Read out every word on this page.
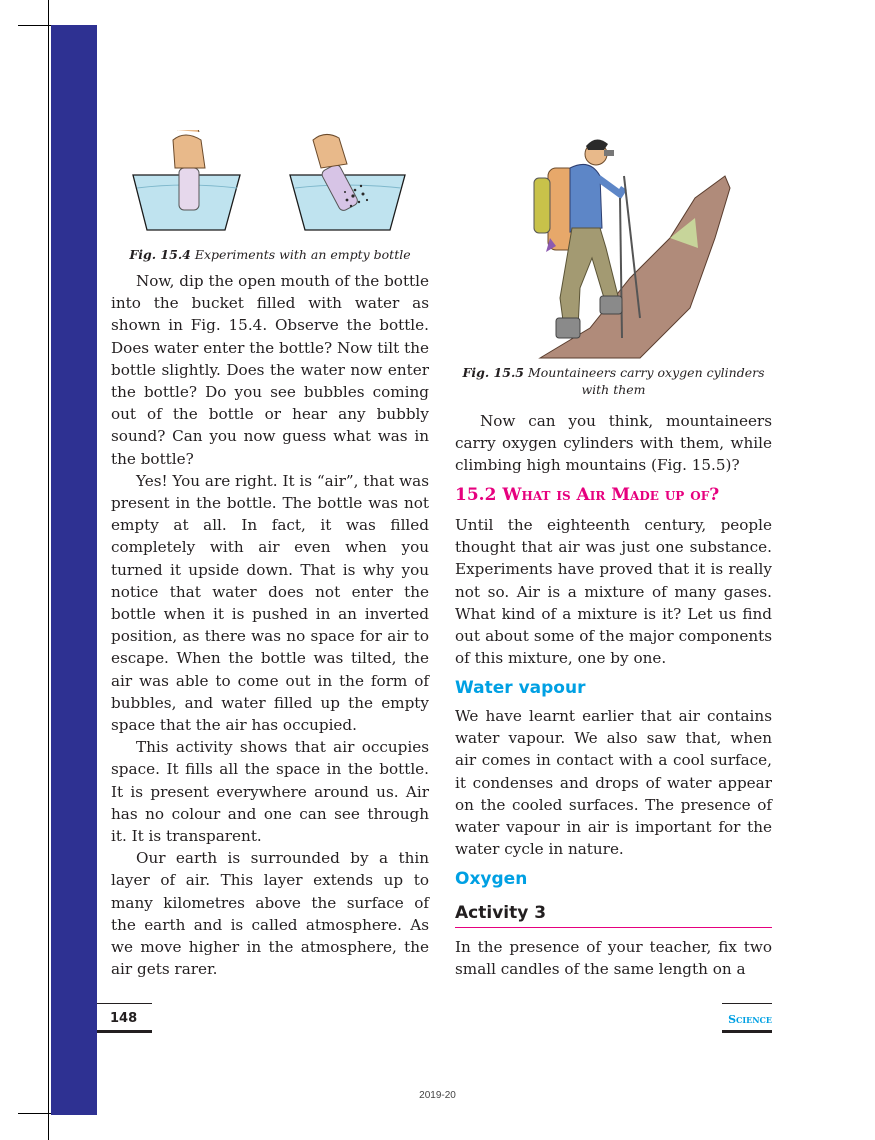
Fig. 15.4 Experiments with an empty bottle
Fig. 15.5 Mountaineers carry oxygen cylinders
with them

Now, dip the open mouth of the bottle into the bucket filled with water as shown in Fig. 15.4. Observe the bottle. Does water enter the bottle? Now tilt the bottle slightly. Does the water now enter the bottle? Do you see bubbles coming out of the bottle or hear any bubbly sound? Can you now guess what was in the bottle?

Yes! You are right. It is “air”, that was present in the bottle. The bottle was not empty at all. In fact, it was filled completely with air even when you turned it upside down. That is why you notice that water does not enter the bottle when it is pushed in an inverted position, as there was no space for air to escape. When the bottle was tilted, the air was able to come out in the form of bubbles, and water filled up the empty space that the air has occupied.

This activity shows that air occupies space. It fills all the space in the bottle. It is present everywhere around us. Air has no colour and one can see through it. It is transparent.

Our earth is surrounded by a thin layer of air. This layer extends up to many kilometres above the surface of the earth and is called atmosphere. As we move higher in the atmosphere, the air gets rarer.

Now can you think, mountaineers carry oxygen cylinders with them, while climbing high mountains (Fig. 15.5)?

15.2 What is Air Made up of?

Until the eighteenth century, people thought that air was just one substance. Experiments have proved that it is really not so. Air is a mixture of many gases. What kind of a mixture is it? Let us find out about some of the major components of this mixture, one by one.

Water vapour

We have learnt earlier that air contains water vapour. We also saw that, when air comes in contact with a cool surface, it condenses and drops of water appear on the cooled surfaces. The presence of water vapour in air is important for the water cycle in nature.

Oxygen
Activity 3

In the presence of your teacher, fix two small candles of the same length on a

148	Science
2019-20
